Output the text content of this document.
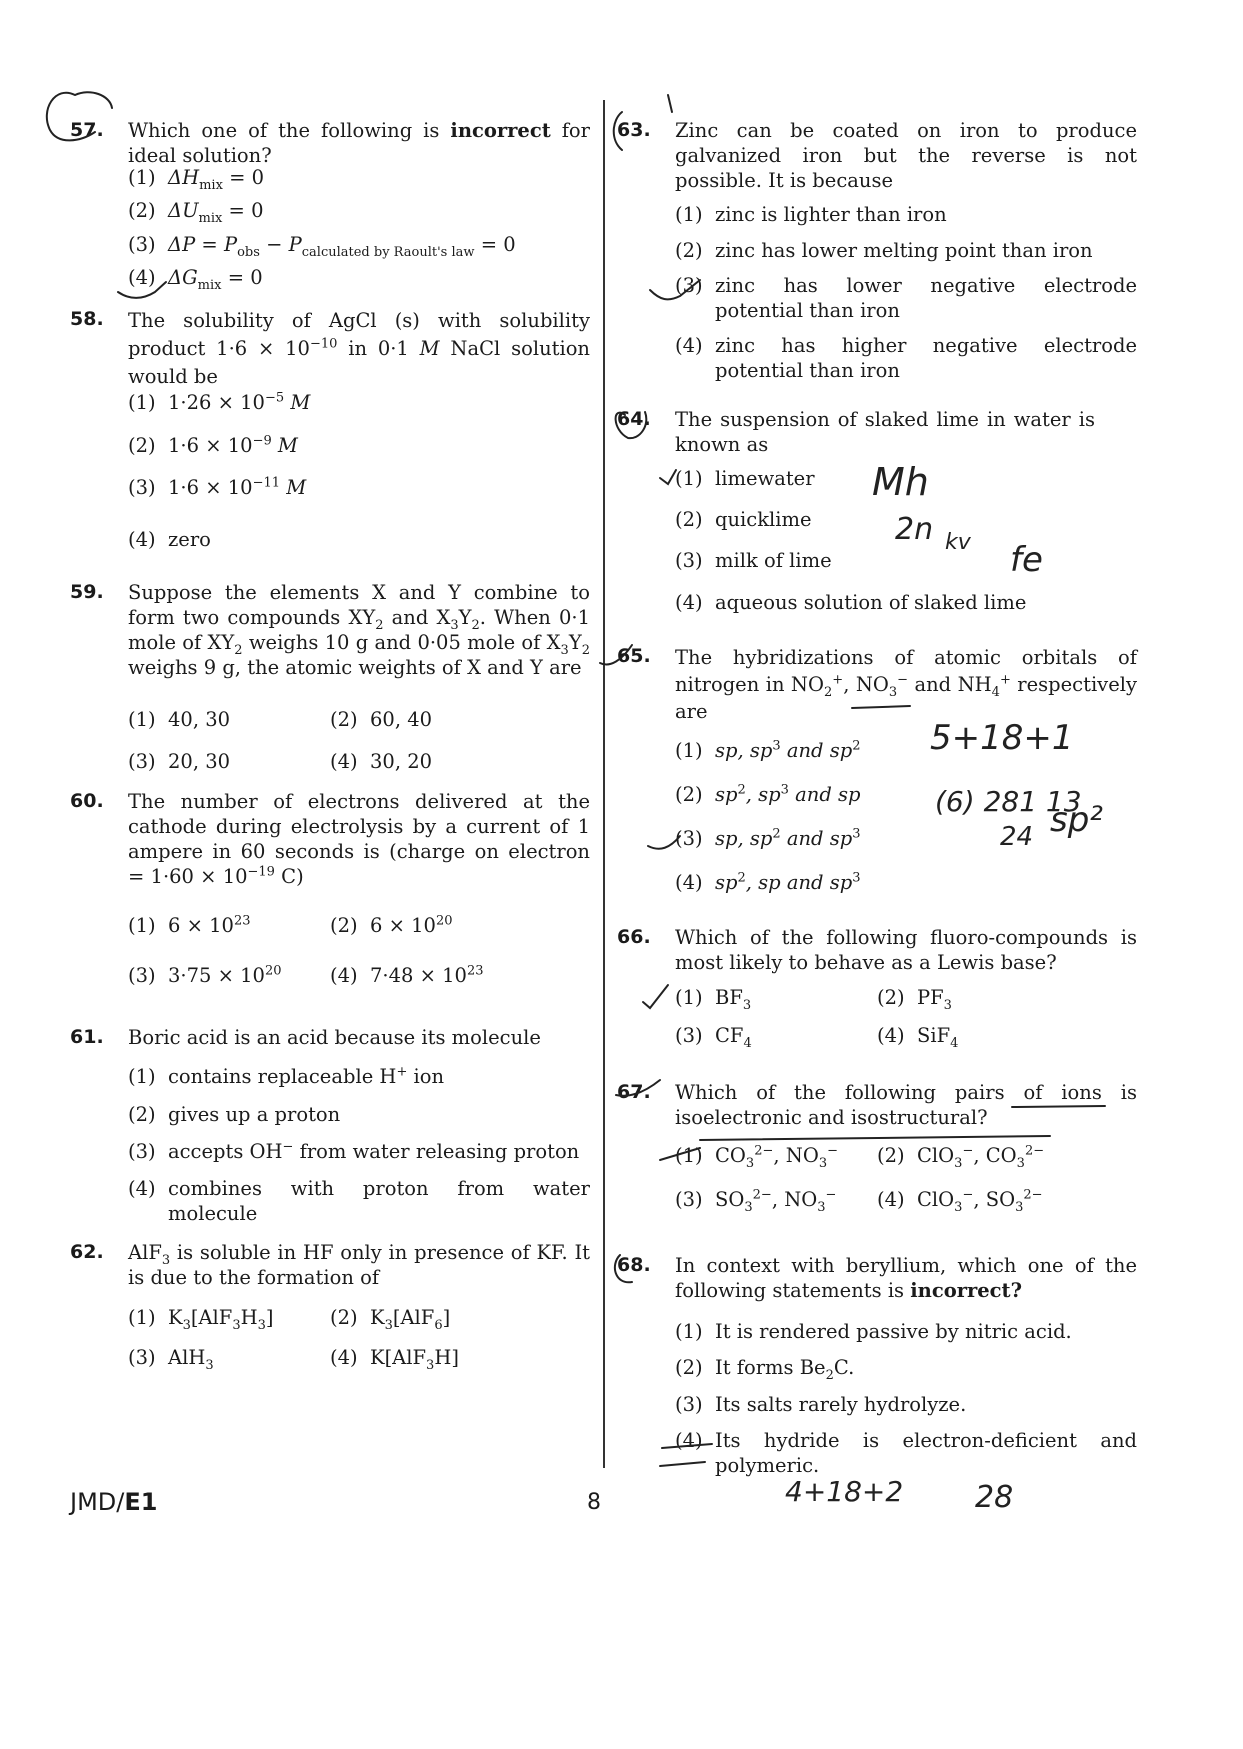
57.	Which one of the following is incorrect for ideal solution?
(1) $\Delta H_{mix} = 0$
(2) $\Delta U_{mix} = 0$
(3) $\Delta P = P_{obs} - P_{calculated by Raoult's law} = 0$
(4) $\Delta G_{mix} = 0$
58.	The solubility of AgCl (s) with solubility product $1\cdot 6 \times 10^{-10}$ in 0·1 M NaCl solution would be
(1) $1\cdot 26 \times 10^{-5}$ M
(2) $1\cdot 6 \times 10^{-9}$ M
(3) $1\cdot 6 \times 10^{-11}$ M
(4) zero
59.	Suppose the elements X and Y combine to form two compounds $XY_2$ and $X_3Y_2$. When 0·1 mole of $XY_2$ weighs 10 g and 0·05 mole of $X_3Y_2$ weighs 9 g, the atomic weights of X and Y are
(1) 40, 30	(2) 60, 40
(3) 20, 30	(4) 30, 20
60.	The number of electrons delivered at the cathode during electrolysis by a current of 1 ampere in 60 seconds is (charge on electron = $1\cdot 60 \times 10^{-19}$ C)
(1) $6 \times 10^{23}$	(2) $6 \times 10^{20}$
(3) $3\cdot 75 \times 10^{20}$ (4) $7\cdot 48 \times 10^{23}$
61.	Boric acid is an acid because its molecule
(1) contains replaceable H+ ion
(2) gives up a proton
(3) accepts OH− from water releasing proton
(4) combines with proton from water molecule
62.	AlF$_3$ is soluble in HF only in presence of KF. It is due to the formation of
(1) $K_3[AlF_3H_3]$	(2) $K_3[AlF_6]$
(3) AlH$_3$	(4) K[AlF$_3$H]
63.	Zinc can be coated on iron to produce galvanized iron but the reverse is not possible. It is because
(1) zinc is lighter than iron
(2) zinc has lower melting point than iron
(3) zinc has lower negative electrode potential than iron
(4) zinc has higher negative electrode potential than iron
64.	The suspension of slaked lime in water is known as
(1) limewater
(2) quicklime
(3) milk of lime
(4) aqueous solution of slaked lime
65.	The hybridizations of atomic orbitals of nitrogen in $NO_2^+$, $NO_3^-$ and $NH_4^+$ respectively are
(1) sp, $sp^3$ and $sp^2$
(2) $sp^2$, $sp^3$ and sp
(3) sp, $sp^2$ and $sp^3$
(4) $sp^2$, sp and $sp^3$
66.	Which of the following fluoro-compounds is most likely to behave as a Lewis base?
(1) $BF_3$	(2) $PF_3$
(3) $CF_4$	(4) SiF$_4$
67.	Which of the following pairs of ions is isoelectronic and isostructural?
(1) $CO_3^{2-}$, $NO_3^-$ (2) ClO$_3$−, $CO_3^{2-}$
(3) $SO_3^{2-}$, $NO_3^-$ (4) ClO$_3$−, $SO_3^{2-}$
68.	In context with beryllium, which one of the following statements is incorrect?
(1) It is rendered passive by nitric acid.
(2) It forms $Be_2C$.
(3) Its salts rarely hydrolyze.
(4) Its hydride is electron-deficient and polymeric.
JMD/E1	8
Mh
2n kv fe
5+18+1
(6) 281 13
24 sp²
4+18+2 28
